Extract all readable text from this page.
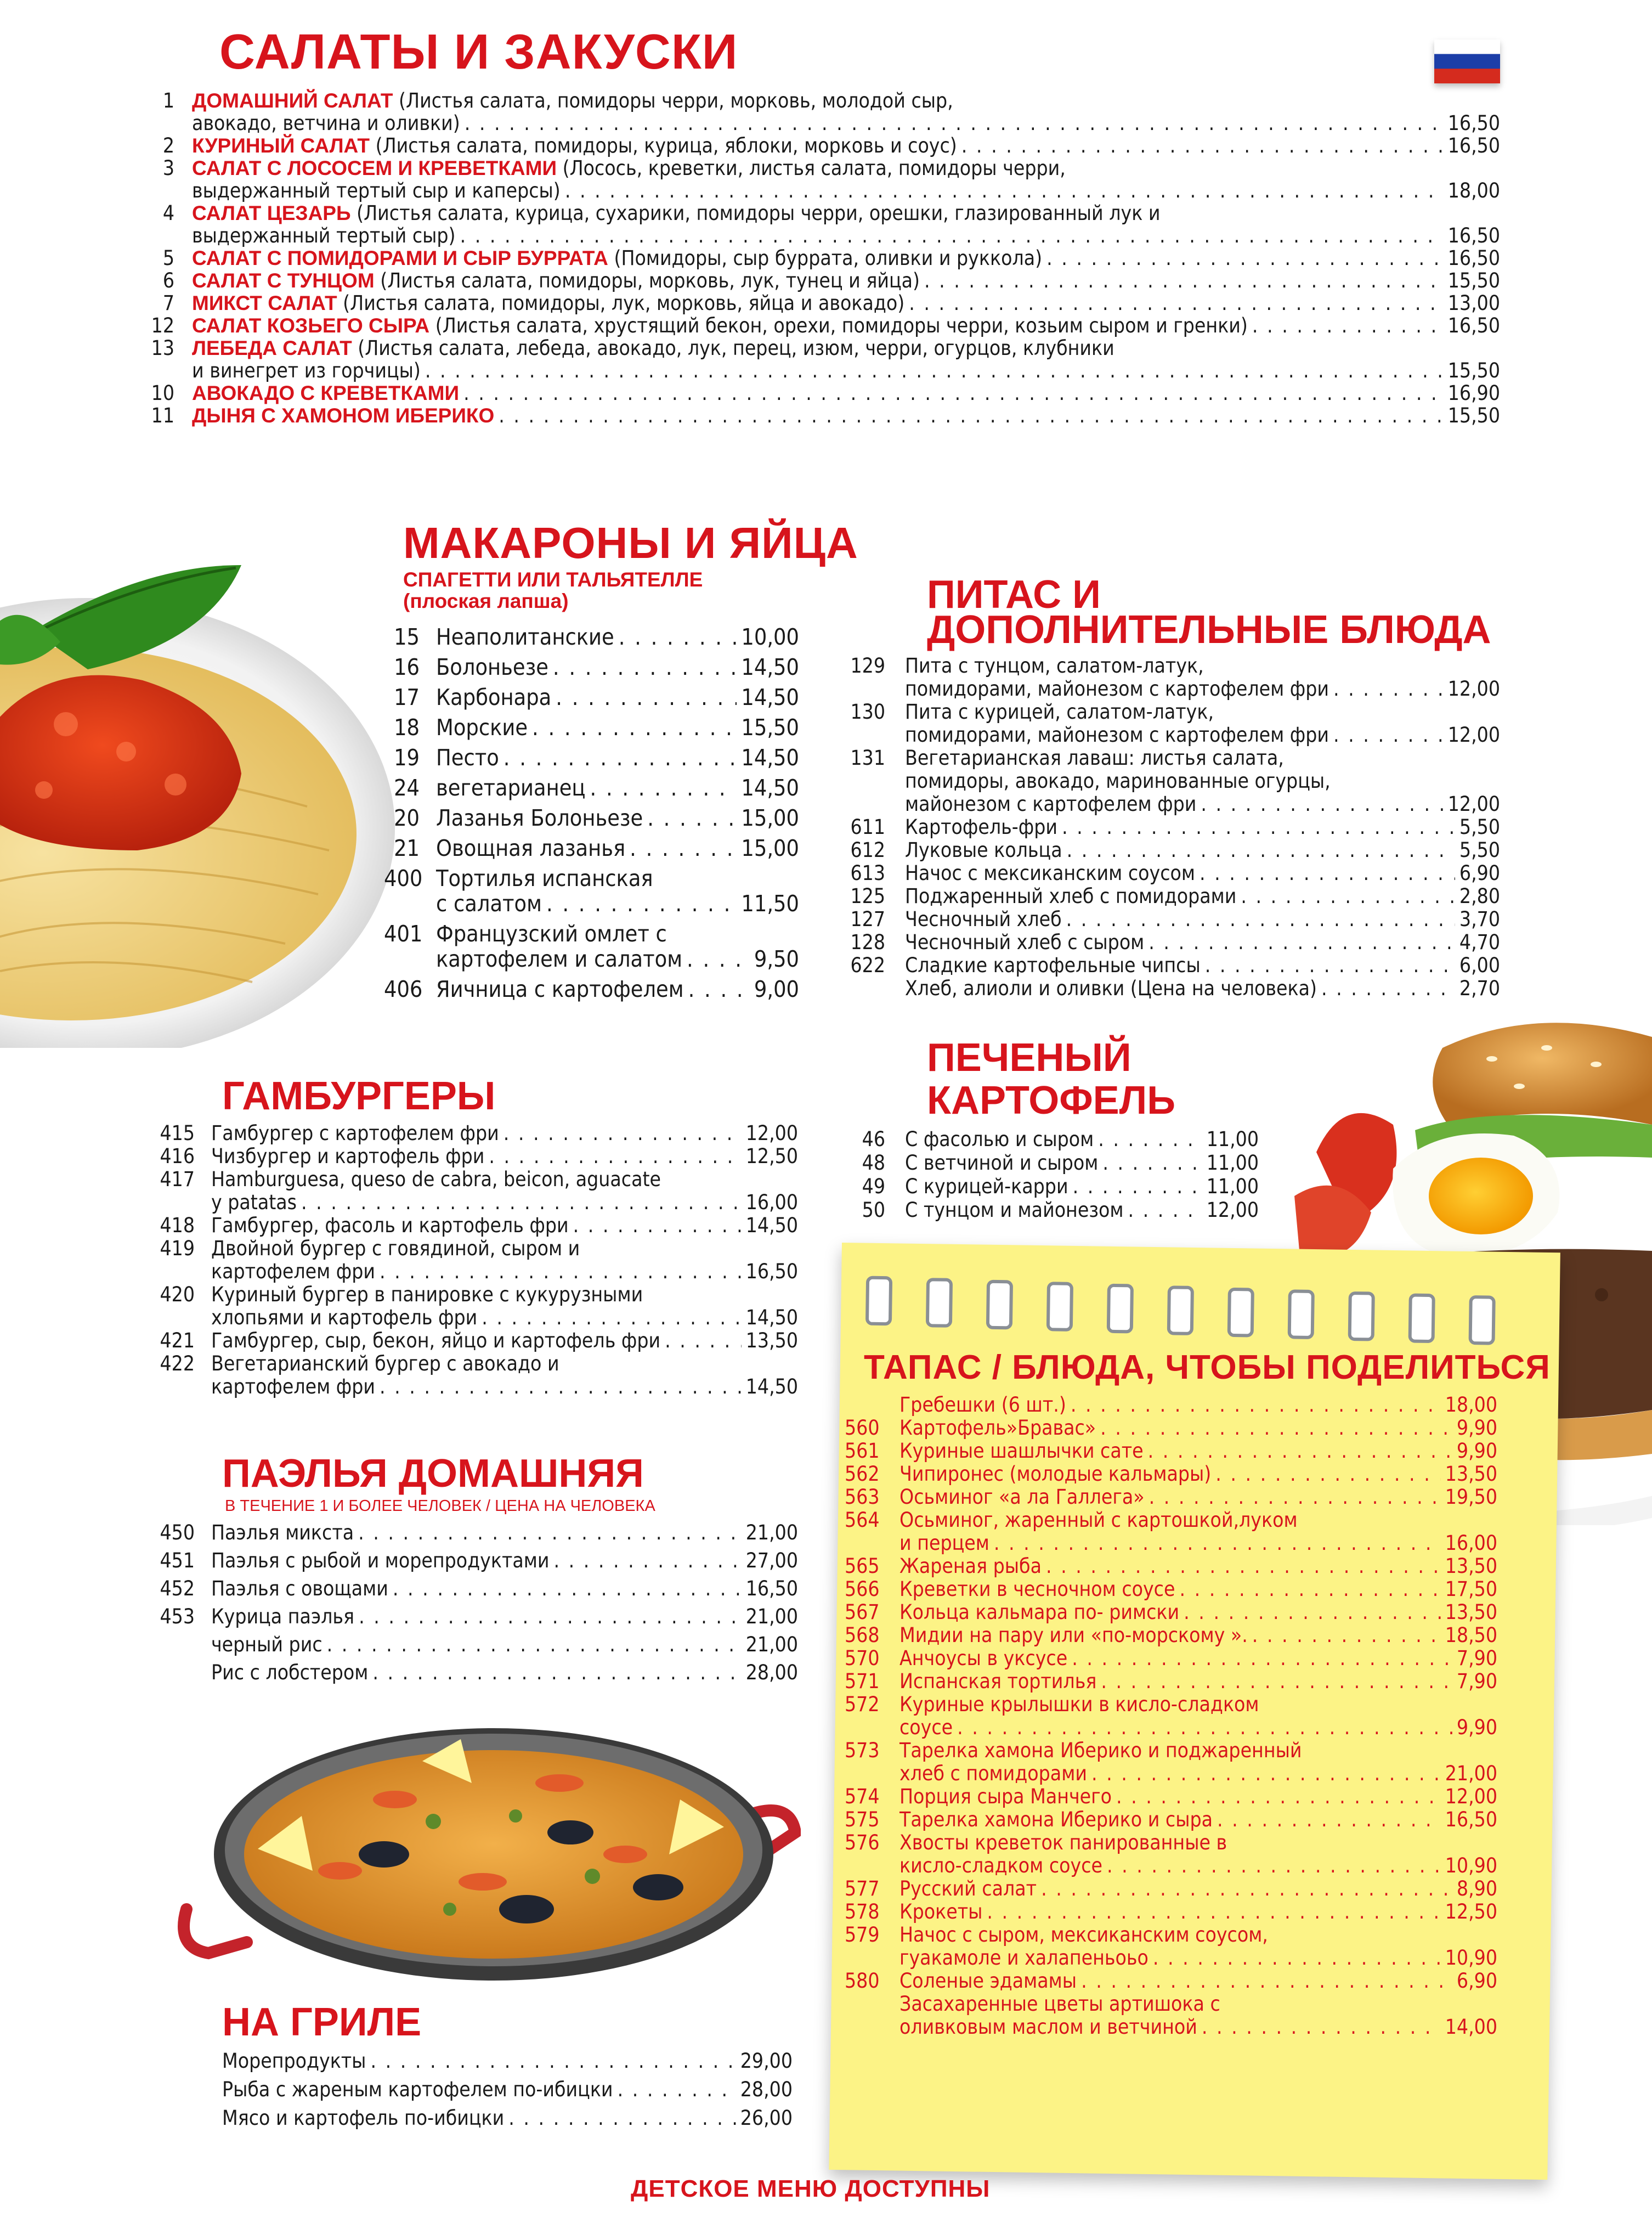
САЛАТЫ И ЗАКУСКИ
1 ДОМАШНИЙ САЛАТ (Листья салата, помидоры черри, морковь, молодой сыр,
авокадо, ветчина и оливки) . . .	16,50
2 КУРИНЫЙ САЛАТ (Листья салата, помидоры, курица, яблоки, морковь и соус) . . .	16,50
3 САЛАТ С ЛОСОСЕМ И КРЕВЕТКАМИ (Лосось, креветки, листья салата, помидоры черри,
выдержанный тертый сыр и каперсы) . . .	18,00
4 САЛАТ ЦЕЗАРЬ (Листья салата, курица, сухарики, помидоры черри, орешки, глазированный лук и
выдержанный тертый сыр) . . .	16,50
5 САЛАТ С ПОМИДОРАМИ И СЫР БУРРАТА (Помидоры, сыр буррата, оливки и руккола) . . .	16,50
6 САЛАТ С ТУНЦОМ (Листья салата, помидоры, морковь, лук, тунец и яйца) . . .	15,50
7 МИКСТ САЛАТ (Листья салата, помидоры, лук, морковь, яйца и авокадо) . . .	13,00
12 САЛАТ КОЗЬЕГО СЫРА (Листья салата, хрустящий бекон, орехи, помидоры черри, козьим сыром и гренки) . . .	16,50
13 ЛЕБЕДА САЛАТ (Листья салата, лебеда, авокадо, лук, перец, изюм, черри, огурцов, клубники
и винегрет из горчицы) . . .	15,50
10 АВОКАДО С КРЕВЕТКАМИ . . .	16,90
11 ДЫНЯ С ХАМОНОМ ИБЕРИКО . . .	15,50
МАКАРОНЫ И ЯЙЦА
СПАГЕТТИ ИЛИ ТАЛЬЯТЕЛЛЕ
(плоская лапша)
15 Неаполитанские . . .	10,00
16 Болоньезе . . .	14,50
17 Карбонара . . .	14,50
18 Морские . . .	15,50
19 Песто . . .	14,50
24 вегетарианец . . .	14,50
20 Лазанья Болоньезе . . .	15,00
21 Овощная лазанья . . .	15,00
400 Тортилья испанская
с салатом . . .	11,50
401 Французский омлет с
картофелем и салатом . . .	9,50
406 Яичница с картофелем . . .	9,00
ПИТАС И
ДОПОЛНИТЕЛЬНЫЕ БЛЮДА
129 Пита с тунцом, салатом-латук,
помидорами, майонезом с картофелем фри . . .	12,00
130 Пита с курицей, салатом-латук,
помидорами, майонезом с картофелем фри . . .	12,00
131 Вегетарианская лаваш: листья салата,
помидоры, авокадо, маринованные огурцы,
майонезом с картофелем фри . . .	12,00
611 Картофель-фри . . .	5,50
612 Луковые кольца . . .	5,50
613 Начос с мексиканским соусом . . .	6,90
125 Поджаренный хлеб с помидорами . . .	2,80
127 Чесночный хлеб . . .	3,70
128 Чесночный хлеб с сыром . . .	4,70
622 Сладкие картофельные чипсы . . .	6,00
Хлеб, алиоли и оливки (Цена на человека) . . .	2,70
ГАМБУРГЕРЫ
415 Гамбургер с картофелем фри . . .	12,00
416 Чизбургер и картофель фри . . .	12,50
417 Hamburguesa, queso de cabra, beicon, aguacate
y patatas . . .	16,00
418 Гамбургер, фасоль и картофель фри . . .	14,50
419 Двойной бургер с говядиной, сыром и
картофелем фри . . .	16,50
420 Куриный бургер в панировке с кукурузными
хлопьями и картофель фри . . .	14,50
421 Гамбургер, сыр, бекон, яйцо и картофель фри . . .	13,50
422 Вегетарианский бургер с авокадо и
картофелем фри . . .	14,50
ПЕЧЕНЫЙ
КАРТОФЕЛЬ
46 С фасолью и сыром . . .	11,00
48 С ветчиной и сыром . . .	11,00
49 С курицей-карри . . .	11,00
50 С тунцом и майонезом . . .	12,00
ПАЭЛЬЯ ДОМАШНЯЯ
В ТЕЧЕНИЕ 1 И БОЛЕЕ ЧЕЛОВЕК / ЦЕНА НА ЧЕЛОВЕКА
450 Паэлья микста . . .	21,00
451 Паэлья с рыбой и морепродуктами . . .	27,00
452 Паэлья с овощами . . .	16,50
453 Курица паэлья . . .	21,00
черный рис . . .	21,00
Рис с лобстером . . .	28,00
НА ГРИЛЕ
Морепродукты . . .	29,00
Рыба с жареным картофелем по-ибицки . . .	28,00
Мясо и картофель по-ибицки . . .	26,00
ТАПАС / БЛЮДА, ЧТОБЫ ПОДЕЛИТЬСЯ
Гребешки (6 шт.) . . .	18,00
560 Картофель»Бравас» . . .	9,90
561 Куриные шашлычки сате . . .	9,90
562 Чипиронес (молодые кальмары) . . .	13,50
563 Осьминог «а ла Галлега» . . .	19,50
564 Осьминог, жаренный с картошкой,луком
и перцем . . .	16,00
565 Жареная рыба . . .	13,50
566 Креветки в чесночном соусе . . .	17,50
567 Кольца кальмара по- римски . . .	13,50
568 Мидии на пару или «по-морскому ». . . .	18,50
570 Анчоусы в уксусе . . .	7,90
571 Испанская тортилья . . .	7,90
572 Куриные крылышки в кисло-сладком
соусе . . .	9,90
573 Тарелка хамона Иберико и поджаренный
хлеб с помидорами . . .	21,00
574 Порция сыра Манчего . . .	12,00
575 Тарелка хамона Иберико и сыра . . .	16,50
576 Хвосты креветок панированные в
кисло-сладком соусе . . .	10,90
577 Русский салат . . .	8,90
578 Крокеты . . .	12,50
579 Начос с сыром, мексиканским соусом,
гуакамоле и халапеньоьо . . .	10,90
580 Соленые эдамамы . . .	6,90
Засахаренные цветы артишока с
оливковым маслом и ветчиной . . .	14,00
ДЕТСКОЕ МЕНЮ ДОСТУПНЫ
